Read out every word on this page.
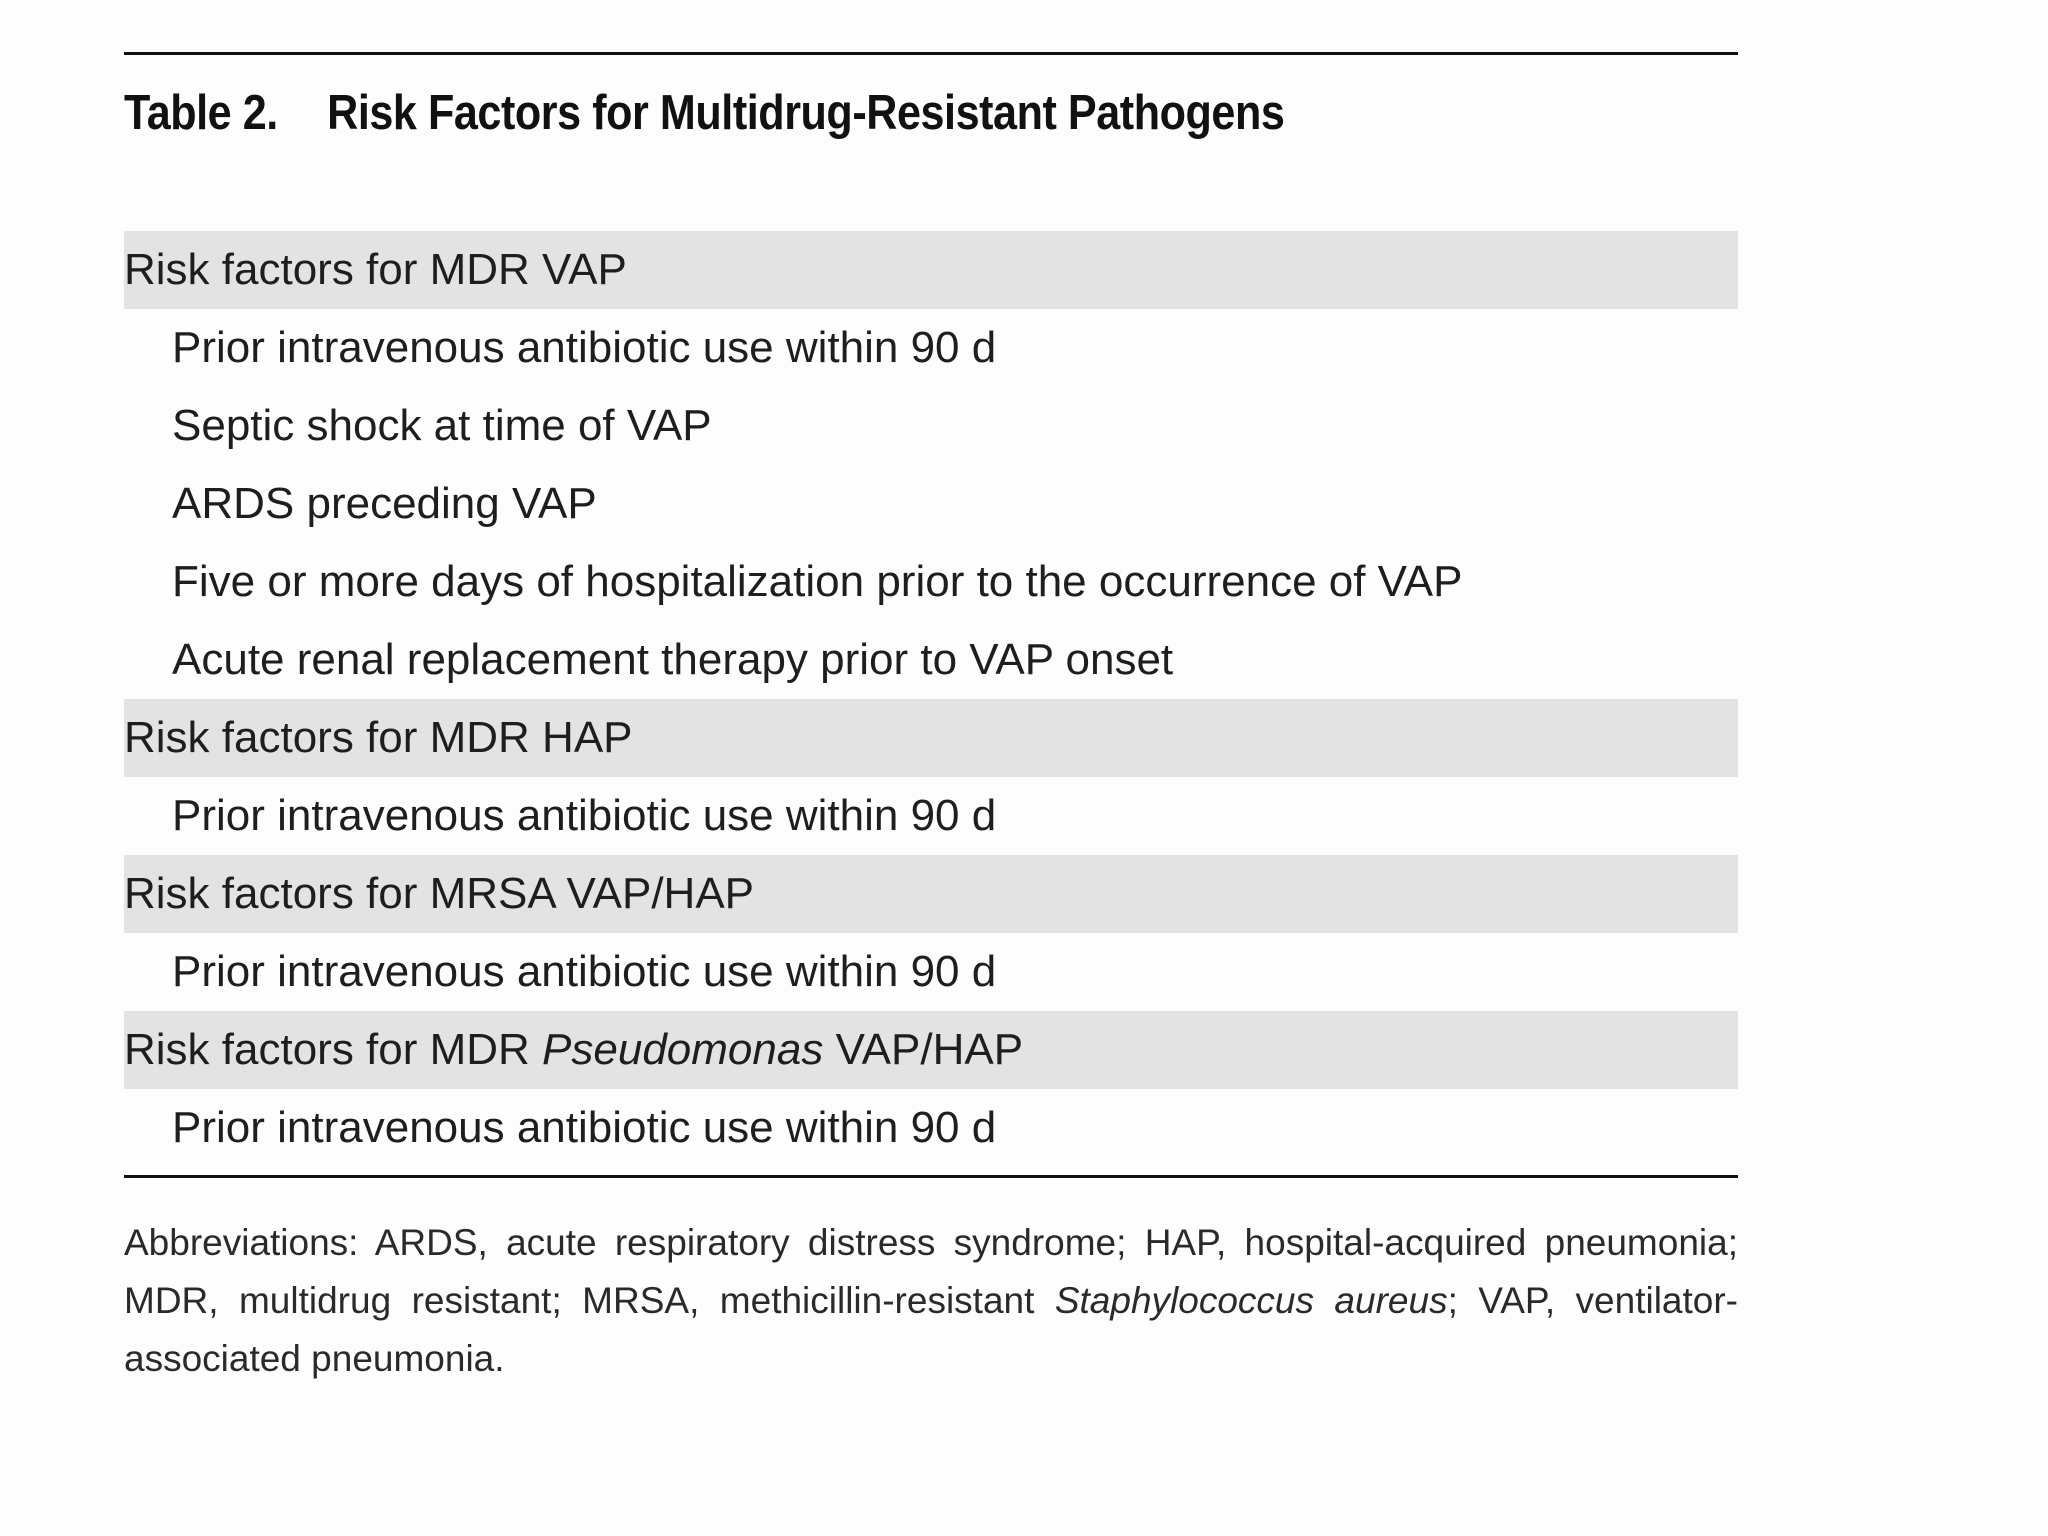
Table 2. Risk Factors for Multidrug-Resistant Pathogens
Risk factors for MDR VAP
Prior intravenous antibiotic use within 90 d
Septic shock at time of VAP
ARDS preceding VAP
Five or more days of hospitalization prior to the occurrence of VAP
Acute renal replacement therapy prior to VAP onset
Risk factors for MDR HAP
Prior intravenous antibiotic use within 90 d
Risk factors for MRSA VAP/HAP
Prior intravenous antibiotic use within 90 d
Risk factors for MDR Pseudomonas VAP/HAP
Prior intravenous antibiotic use within 90 d
Abbreviations: ARDS, acute respiratory distress syndrome; HAP, hospital-acquired pneumonia; MDR, multidrug resistant; MRSA, methicillin-resistant Staphylococcus aureus; VAP, ventilator-associated pneumonia.
